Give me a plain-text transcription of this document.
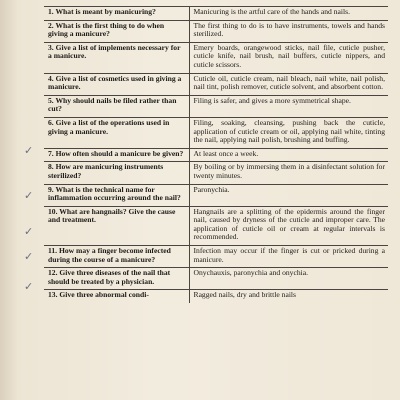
1. What is meant by manicuring?	Manicuring is the artful care of the hands and nails.
2. What is the first thing to do when giving a manicure?	The first thing to do is to have instruments, towels and hands sterilized.
3. Give a list of implements necessary for a manicure.	Emery boards, orangewood sticks, nail file, cuticle pusher, cuticle knife, nail brush, nail buffers, cuticle nippers, and cuticle scissors.
4. Give a list of cosmetics used in giving a manicure.	Cuticle oil, cuticle cream, nail bleach, nail white, nail polish, nail tint, polish remover, cuticle solvent, and absorbent cotton.
5. Why should nails be filed rather than cut?	Filing is safer, and gives a more symmetrical shape.
6. Give a list of the operations used in giving a manicure.	Filing, soaking, cleansing, pushing back the cuticle, application of cuticle cream or oil, applying nail white, tinting the nail, applying nail polish, brushing and buffing.
7. How often should a manicure be given?	At least once a week.
8. How are manicuring instruments sterilized?	By boiling or by immersing them in a disinfectant solution for twenty minutes.
9. What is the technical name for inflammation occurring around the nail?	Paronychia.
10. What are hangnails? Give the cause and treatment.	Hangnails are a splitting of the epidermis around the finger nail, caused by dryness of the cuticle and improper care. The application of cuticle oil or cream at regular intervals is recommended.
11. How may a finger become infected during the course of a manicure?	Infection may occur if the finger is cut or pricked during a manicure.
12. Give three diseases of the nail that should be treated by a physician.	Onychauxis, paronychia and onychia.
13. Give three abnormal condi-	Ragged nails, dry and brittle nails
✓
✓
✓
✓
✓
